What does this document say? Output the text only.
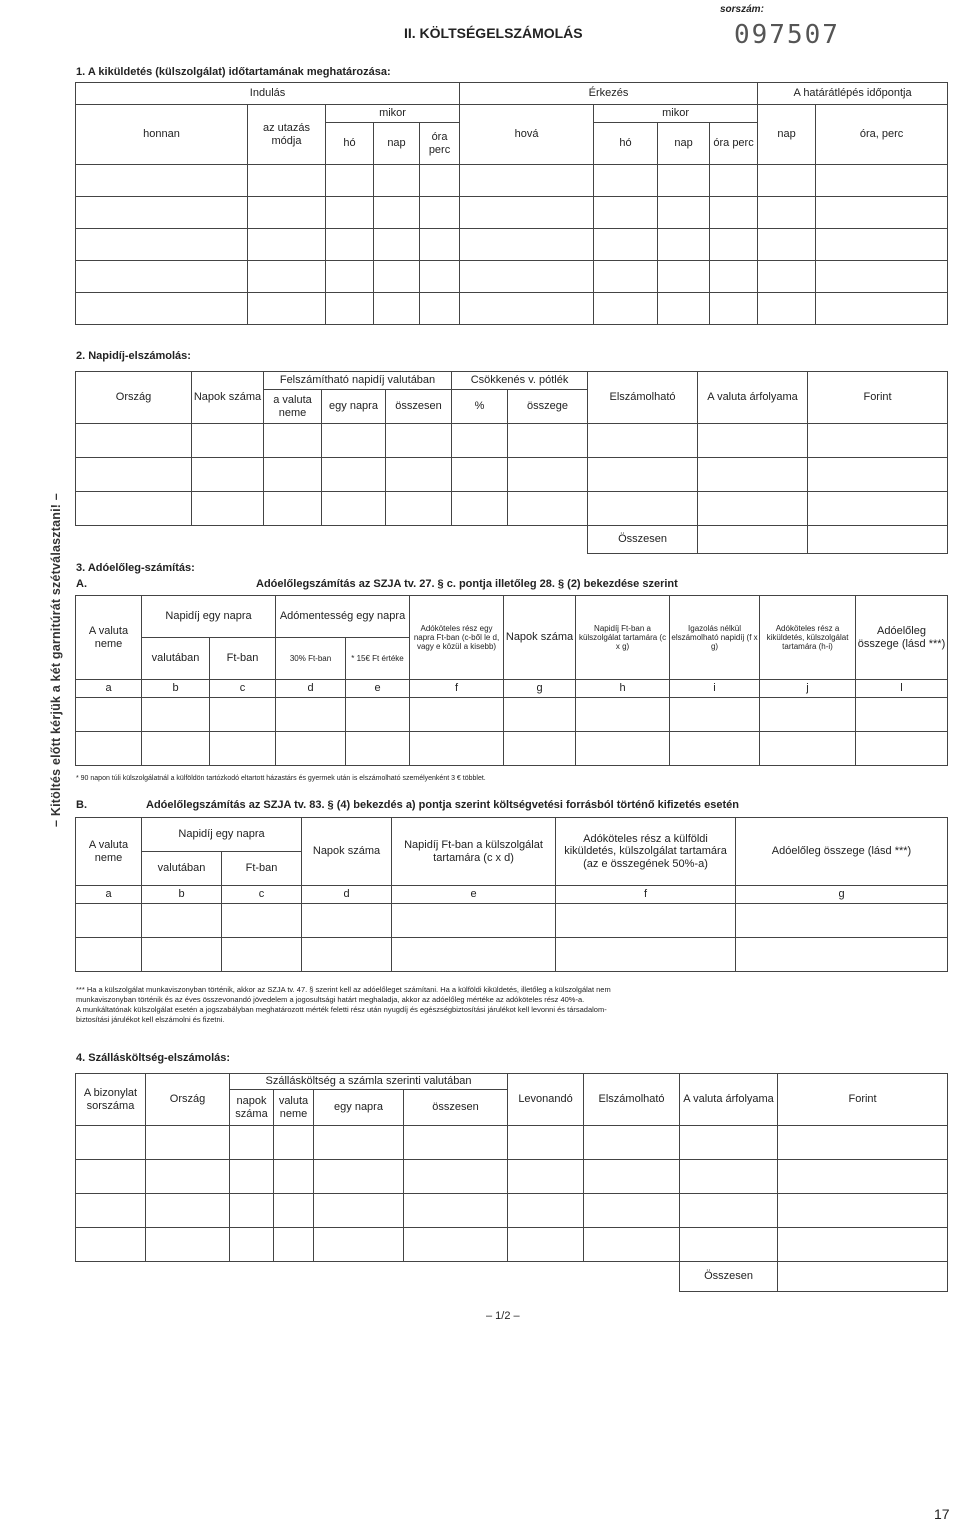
II. KÖLTSÉGELSZÁMOLÁS
sorszám:
097507
– Kitöltés előtt kérjük a két garnitúrát szétválasztani! –
1. A kiküldetés (külszolgálat) időtartamának meghatározása:
Indulás					Érkezés				A határátlépés időpontja	
honnan	az utazás módja	mikor			hová	mikor			nap	óra, perc
		hó	nap	óra perc		hó	nap	óra perc		

2. Napidíj-elszámolás:
Ország	Napok száma	Felszámítható napidíj valutában			Csökkenés v. pótlék		Elszámolható	A valuta árfolyama	Forint
		a valuta neme	egy napra	összesen	%	összege			

							Összesen		
3. Adóelőleg-számítás:
A.	Adóelőlegszámítás az SZJA tv. 27. § c. pontja illetőleg 28. § (2) bekezdése szerint
A valuta neme	Napidíj egy napra		Adómentesség egy napra		Adóköteles rész egy napra Ft-ban (c-ből le d, vagy e közül a kisebb)	Napok száma	Napidíj Ft-ban a külszolgálat tartamára (c x g)	Igazolás nélkül elszámolható napidíj (f x g)	Adóköteles rész a kiküldetés, külszolgálat tartamára (h-i)	Adóelőleg összege (lásd ***)
	valutában	Ft-ban	30% Ft-ban	* 15€ Ft értéke						
a	b	c	d	e	f	g	h	i	j	l

* 90 napon túli külszolgálatnál a külföldön tartózkodó eltartott házastárs és gyermek után is elszámolható személyenként 3 € többlet.
B.	Adóelőlegszámítás az SZJA tv. 83. § (4) bekezdés a) pontja szerint költségvetési forrásból történő kifizetés esetén
A valuta neme	Napidíj egy napra		Napok száma	Napidíj Ft-ban a külszolgálat tartamára (c x d)	Adóköteles rész a külföldi kiküldetés, külszolgálat tartamára (az e összegének 50%-a)	Adóelőleg összege (lásd ***)
	valutában	Ft-ban				
a	b	c	d	e	f	g

*** Ha a külszolgálat munkaviszonyban történik, akkor az SZJA tv. 47. § szerint kell az adóelőleget számítani. Ha a külföldi kiküldetés, illetőleg a külszolgálat nem
munkaviszonyban történik és az éves összevonandó jövedelem a jogosultsági határt meghaladja, akkor az adóelőleg mértéke az adóköteles rész 40%-a.
A munkáltatónak külszolgálat esetén a jogszabályban meghatározott mérték feletti rész után nyugdíj és egészségbiztosítási járulékot kell levonni és társadalom-
biztosítási járulékot kell elszámolni és fizetni.
4. Szállásköltség-elszámolás:
A bizonylat sorszáma	Ország	Szállásköltség a számla szerinti valutában				Levonandó	Elszámolható	A valuta árfolyama	Forint
		napok száma	valuta neme	egy napra	összesen				

								Összesen	
– 1/2 –
17
